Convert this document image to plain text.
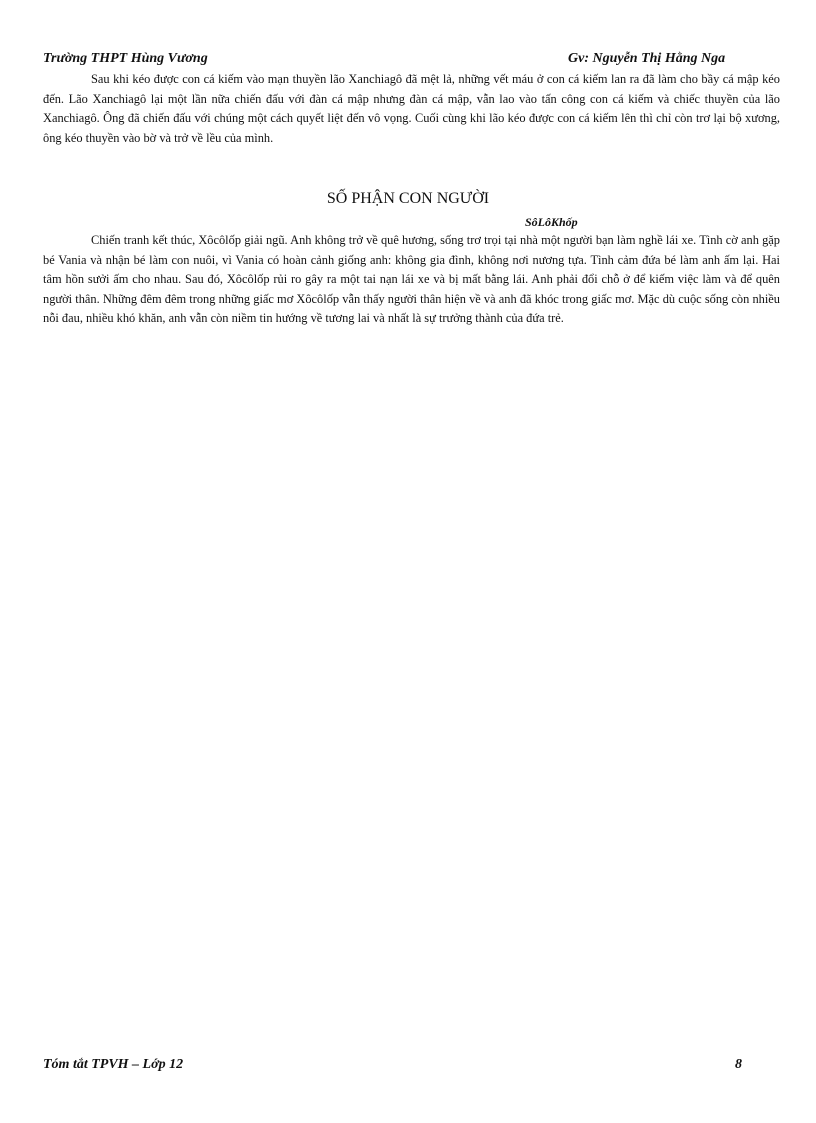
Trường THPT Hùng Vương	Gv: Nguyễn Thị Hằng Nga

Sau khi kéo được con cá kiếm vào mạn thuyền lão Xanchiagô đã mệt lả, những vết máu ở con cá kiếm lan ra đã làm cho bầy cá mập kéo đến. Lão Xanchiagô lại một lần nữa chiến đấu với đàn cá mập nhưng đàn cá mập, vẫn lao vào tấn công con cá kiếm và chiếc thuyền của lão Xanchiagô. Ông đã chiến đấu với chúng một cách quyết liệt đến vô vọng. Cuối cùng khi lão kéo được con cá kiếm lên thì chỉ còn trơ lại bộ xương, ông kéo thuyền vào bờ và trở về lều của mình.

SỐ PHẬN CON NGƯỜI
SôLôKhốp

Chiến tranh kết thúc, Xôcôlốp giải ngũ. Anh không trở về quê hương, sống trơ trọi tại nhà một người bạn làm nghề lái xe. Tình cờ anh gặp bé Vania và nhận bé làm con nuôi, vì Vania có hoàn cảnh giống anh: không gia đình, không nơi nương tựa. Tình cảm đứa bé làm anh ấm lại. Hai tâm hồn sưởi ấm cho nhau. Sau đó, Xôcôlốp rủi ro gây ra một tai nạn lái xe và bị mất bằng lái. Anh phải đổi chỗ ở để kiếm việc làm và để quên người thân. Những đêm đêm trong những giấc mơ Xôcôlốp vẫn thấy người thân hiện về và anh đã khóc trong giấc mơ. Mặc dù cuộc sống còn nhiều nỗi đau, nhiều khó khăn, anh vẫn còn niềm tin hướng về tương lai và nhất là sự trưởng thành của đứa trẻ.

Tóm tắt TPVH – Lớp 12	8
